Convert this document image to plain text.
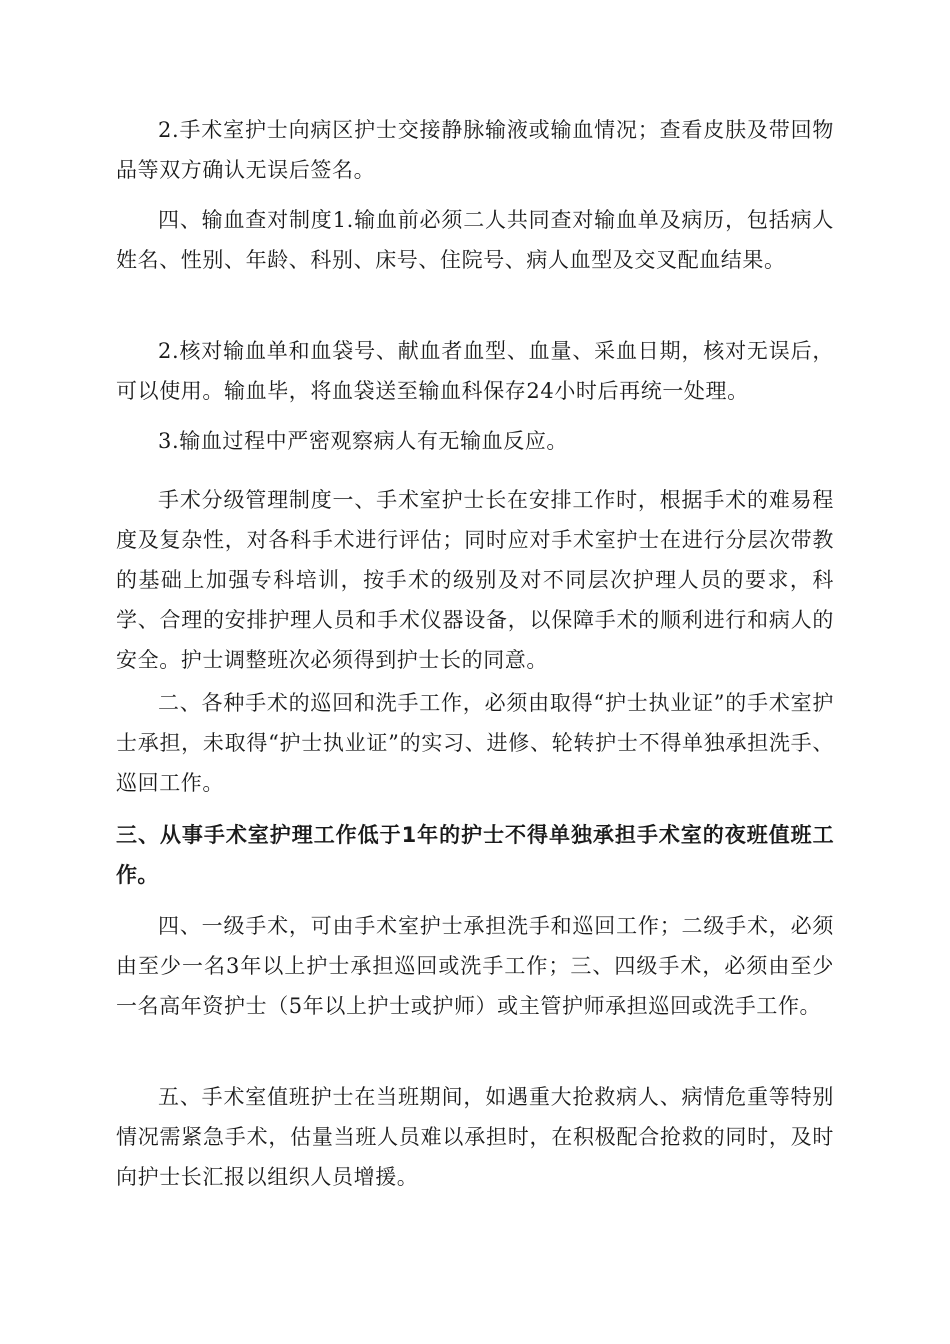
2.手术室护士向病区护士交接静脉输液或输血情况；查看皮肤及带回物品等双方确认无误后签名。

四、输血查对制度1.输血前必须二人共同查对输血单及病历，包括病人姓名、性别、年龄、科别、床号、住院号、病人血型及交叉配血结果。

2.核对输血单和血袋号、献血者血型、血量、采血日期，核对无误后，可以使用。输血毕，将血袋送至输血科保存24小时后再统一处理。

3.输血过程中严密观察病人有无输血反应。

手术分级管理制度一、手术室护士长在安排工作时，根据手术的难易程度及复杂性，对各科手术进行评估；同时应对手术室护士在进行分层次带教的基础上加强专科培训，按手术的级别及对不同层次护理人员的要求，科学、合理的安排护理人员和手术仪器设备，以保障手术的顺利进行和病人的安全。护士调整班次必须得到护士长的同意。

二、各种手术的巡回和洗手工作，必须由取得“护士执业证”的手术室护士承担，未取得“护士执业证”的实习、进修、轮转护士不得单独承担洗手、巡回工作。

三、从事手术室护理工作低于1年的护士不得单独承担手术室的夜班值班工作。

四、一级手术，可由手术室护士承担洗手和巡回工作；二级手术，必须由至少一名3年以上护士承担巡回或洗手工作；三、四级手术，必须由至少一名高年资护士（5年以上护士或护师）或主管护师承担巡回或洗手工作。

五、手术室值班护士在当班期间，如遇重大抢救病人、病情危重等特别情况需紧急手术，估量当班人员难以承担时，在积极配合抢救的同时，及时向护士长汇报以组织人员增援。
